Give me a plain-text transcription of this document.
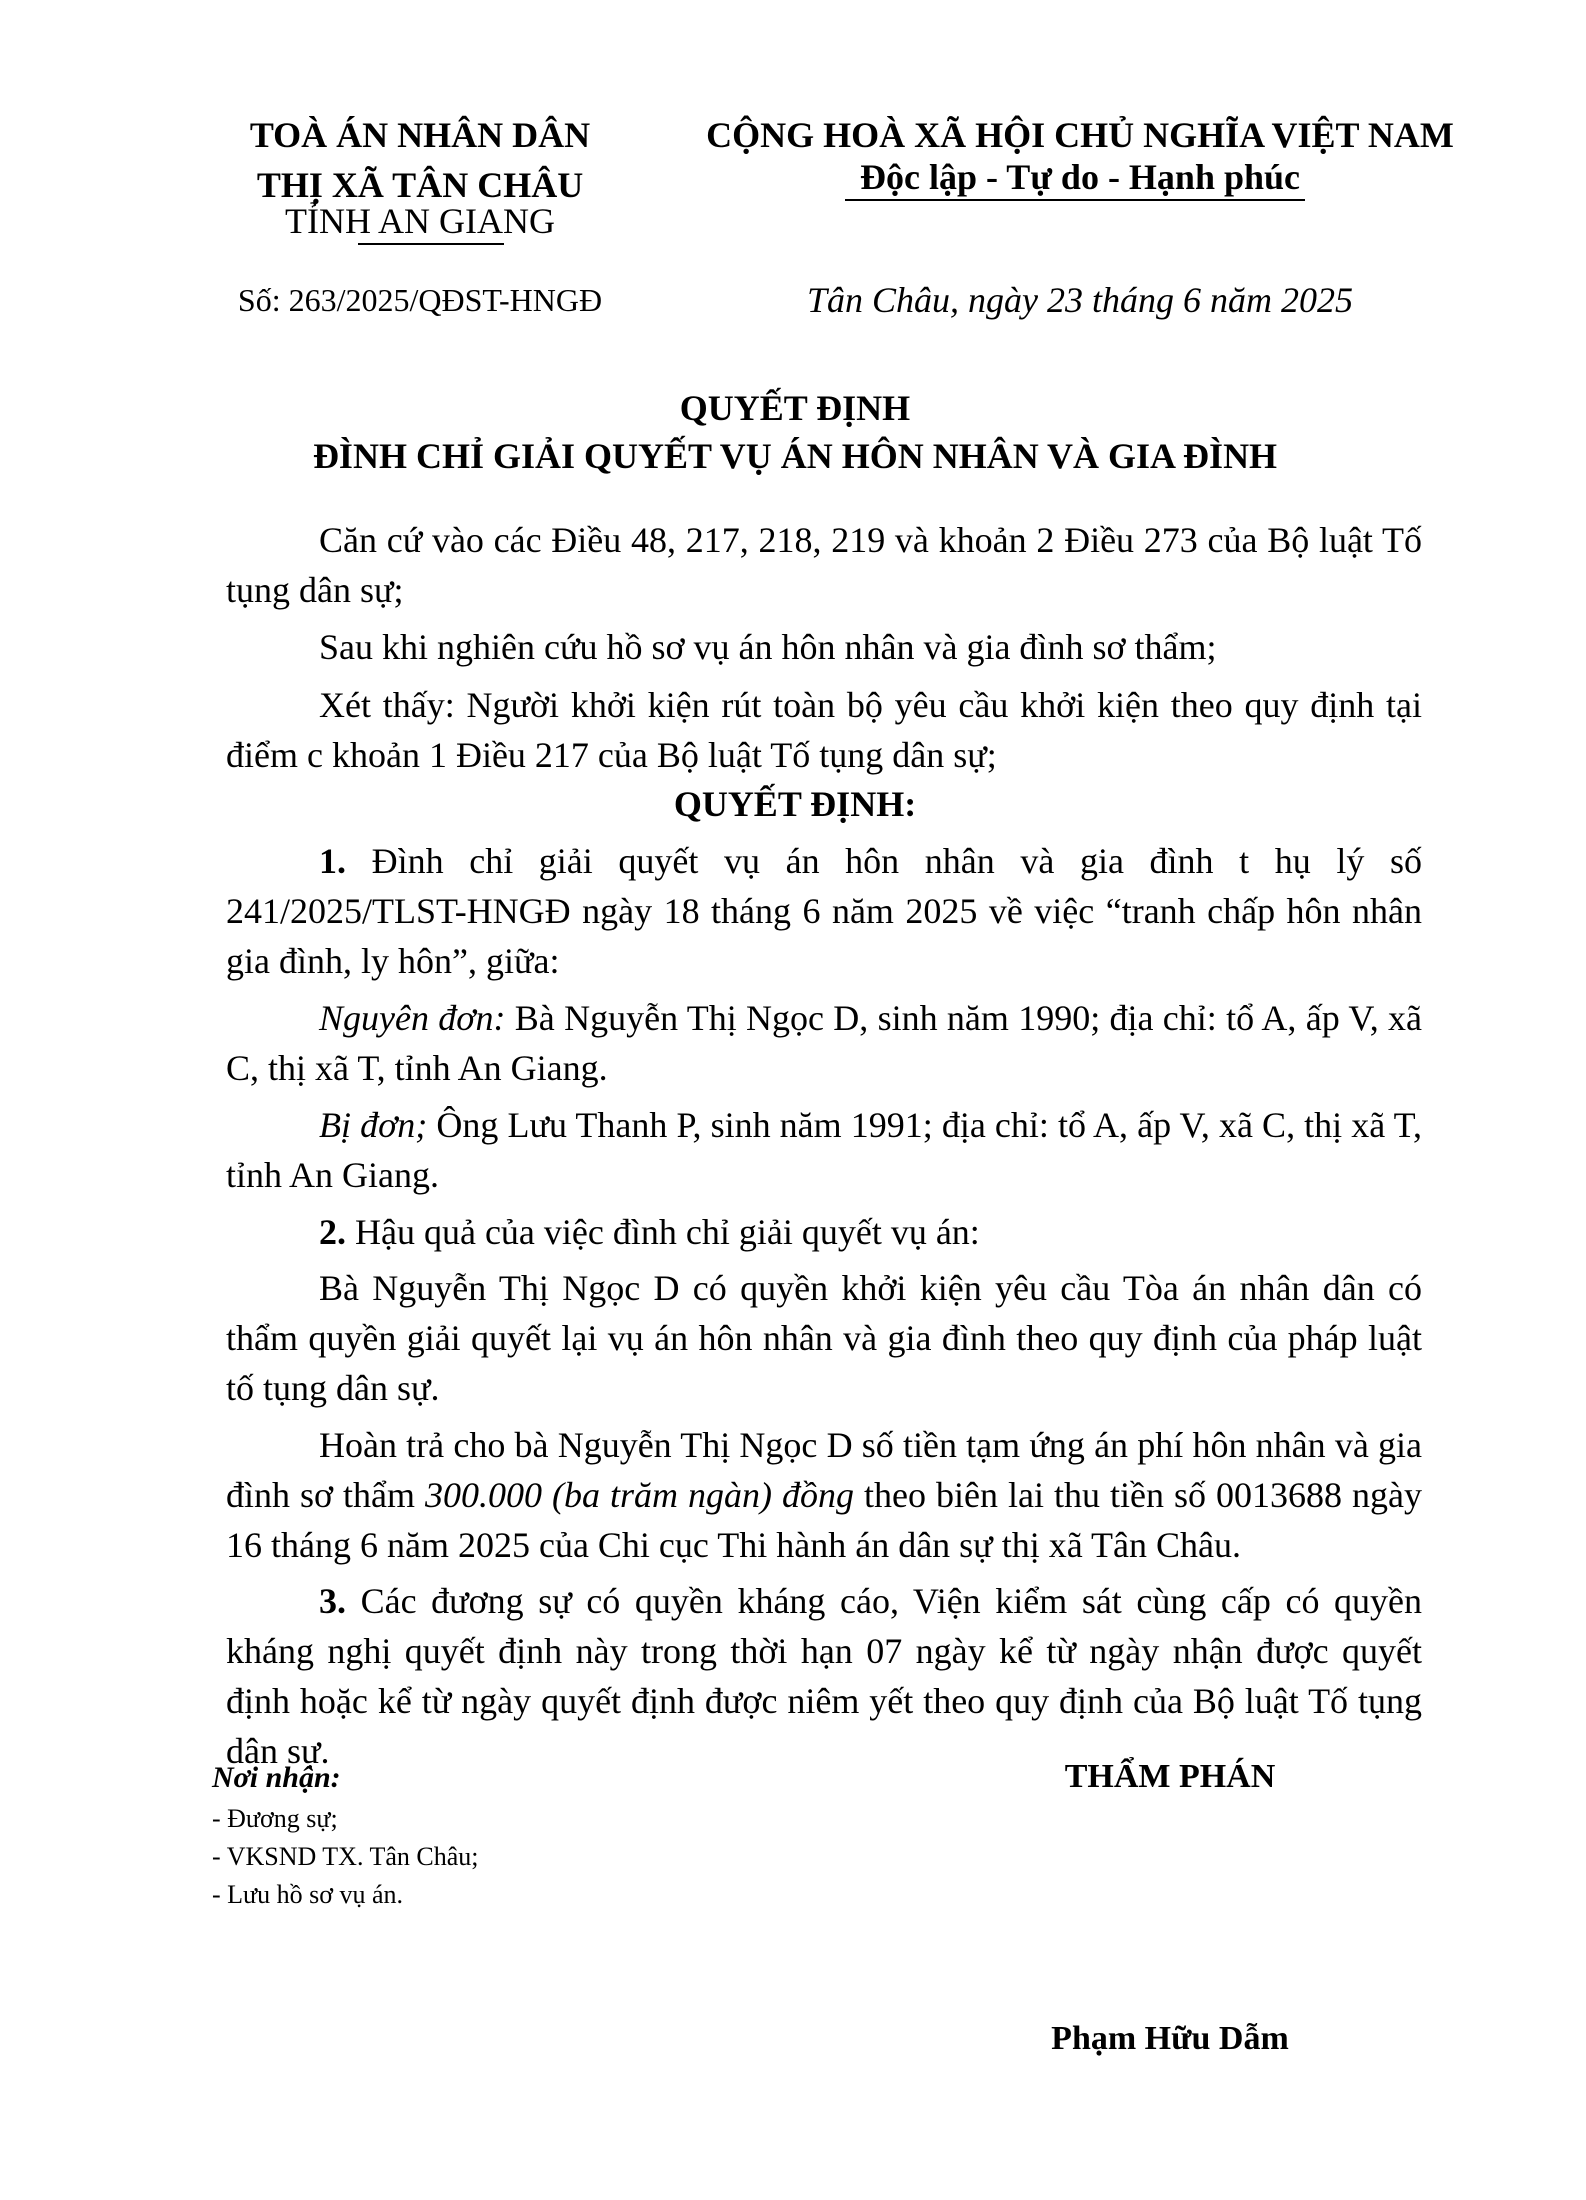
TOÀ ÁN NHÂN DÂN
THỊ XÃ TÂN CHÂU
TỈNH AN GIANG
Số: 263/2025/QĐST-HNGĐ
CỘNG HOÀ XÃ HỘI CHỦ NGHĨA VIỆT NAM
Độc lập - Tự do - Hạnh phúc
Tân Châu, ngày 23 tháng 6 năm 2025
QUYẾT ĐỊNH
ĐÌNH CHỈ GIẢI QUYẾT VỤ ÁN HÔN NHÂN VÀ GIA ĐÌNH
Căn cứ vào các Điều 48, 217, 218, 219 và khoản 2 Điều 273 của Bộ luật Tố tụng dân sự;
Sau khi nghiên cứu hồ sơ vụ án hôn nhân và gia đình sơ thẩm;
Xét thấy: Người khởi kiện rút toàn bộ yêu cầu khởi kiện theo quy định tại điểm c khoản 1 Điều 217 của Bộ luật Tố tụng dân sự;
QUYẾT ĐỊNH:
1. Đình chỉ giải quyết vụ án hôn nhân và gia đình t hụ lý số 241/2025/TLST-HNGĐ ngày 18 tháng 6 năm 2025 về việc “tranh chấp hôn nhân gia đình, ly hôn”, giữa:
Nguyên đơn: Bà Nguyễn Thị Ngọc D, sinh năm 1990; địa chỉ: tổ A, ấp V, xã C, thị xã T, tỉnh An Giang.
Bị đơn; Ông Lưu Thanh P, sinh năm 1991; địa chỉ: tổ A, ấp V, xã C, thị xã T, tỉnh An Giang.
2. Hậu quả của việc đình chỉ giải quyết vụ án:
Bà Nguyễn Thị Ngọc D có quyền khởi kiện yêu cầu Tòa án nhân dân có thẩm quyền giải quyết lại vụ án hôn nhân và gia đình theo quy định của pháp luật tố tụng dân sự.
Hoàn trả cho bà Nguyễn Thị Ngọc D số tiền tạm ứng án phí hôn nhân và gia đình sơ thẩm 300.000 (ba trăm ngàn) đồng theo biên lai thu tiền số 0013688 ngày 16 tháng 6 năm 2025 của Chi cục Thi hành án dân sự thị xã Tân Châu.
3. Các đương sự có quyền kháng cáo, Viện kiểm sát cùng cấp có quyền kháng nghị quyết định này trong thời hạn 07 ngày kể từ ngày nhận được quyết định hoặc kể từ ngày quyết định được niêm yết theo quy định của Bộ luật Tố tụng dân sự.
Nơi nhận:
- Đương sự;
- VKSND TX. Tân Châu;
- Lưu hồ sơ vụ án.
THẨM PHÁN
Phạm Hữu Dẫm
